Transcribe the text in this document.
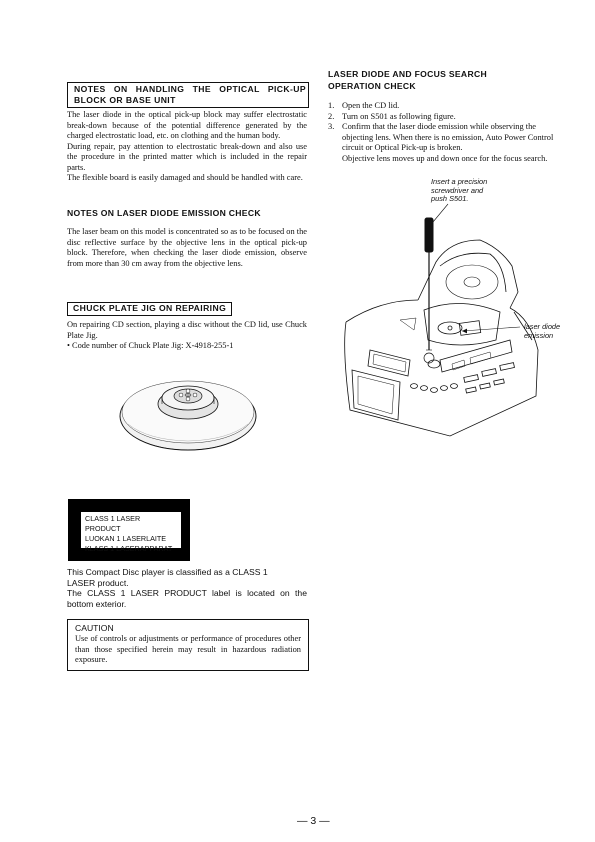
NOTES ON HANDLING THE OPTICAL PICK-UP
BLOCK OR BASE UNIT

The laser diode in the optical pick-up block may suffer electrostatic break-down because of the potential difference generated by the charged electrostatic load, etc. on clothing and the human body.

During repair, pay attention to electrostatic break-down and also use the procedure in the printed matter which is included in the repair parts.

The flexible board is easily damaged and should be handled with care.

NOTES ON LASER DIODE EMISSION CHECK

The laser beam on this model is concentrated so as to be focused on the disc reflective surface by the objective lens in the optical pick-up block. Therefore, when checking the laser diode emission, observe from more than 30 cm away from the objective lens.

CHUCK PLATE JIG ON REPAIRING

On repairing CD section, playing a disc without the CD lid, use Chuck Plate Jig.

• Code number of Chuck Plate Jig: X-4918-255-1

CLASS 1 LASER PRODUCT
LUOKAN 1 LASERLAITE
KLASS 1 LASERAPPARAT

This Compact Disc player is classified as a CLASS 1 LASER product.

The CLASS 1 LASER PRODUCT label is located on the bottom exterior.

CAUTION
Use of controls or adjustments or performance of procedures other than those specified herein may result in hazardous radiation exposure.
LASER DIODE AND FOCUS SEARCH
OPERATION CHECK
1. Open the CD lid.
2. Turn on S501 as following figure.
3. Confirm that the laser diode emission while observing the objecting lens. When there is no emission, Auto Power Control circuit or Optical Pick-up is broken.
Objective lens moves up and down once for the focus search.
Insert a precision
screwdriver and
push S501.
laser diode
emission
— 3 —
